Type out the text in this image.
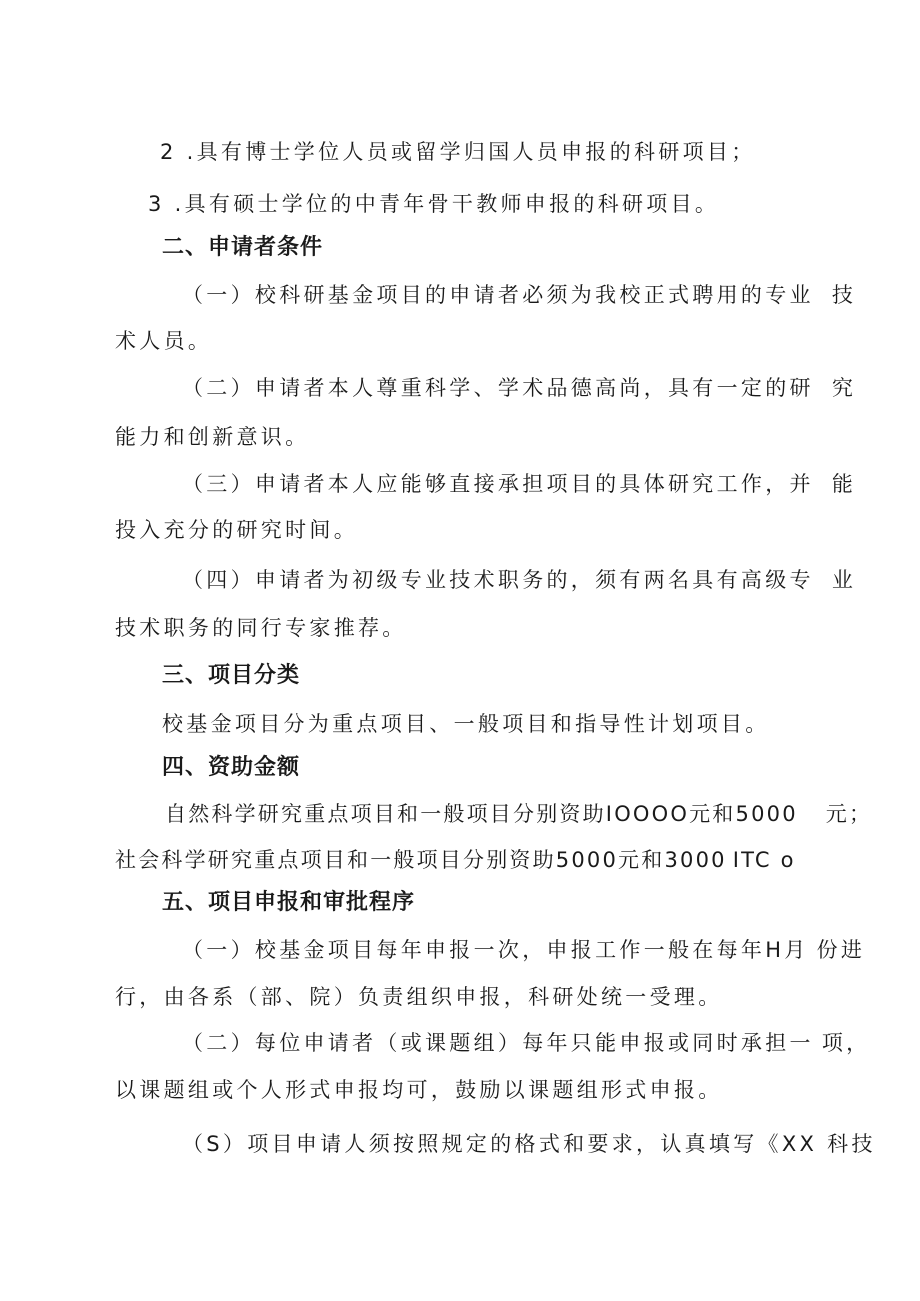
2 .具有博士学位人员或留学归国人员申报的科研项目；
3 .具有硕士学位的中青年骨干教师申报的科研项目。
二、申请者条件
（一）校科研基金项目的申请者必须为我校正式聘用的专业 技
术人员。
（二）申请者本人尊重科学、学术品德高尚，具有一定的研 究
能力和创新意识。
（三）申请者本人应能够直接承担项目的具体研究工作，并 能
投入充分的研究时间。
（四）申请者为初级专业技术职务的，须有两名具有高级专 业
技术职务的同行专家推荐。
三、项目分类
校基金项目分为重点项目、一般项目和指导性计划项目。
四、资助金额
自然科学研究重点项目和一般项目分别资助IOOOO元和5000 元；
社会科学研究重点项目和一般项目分别资助5000元和3000 ITC o
五、项目申报和审批程序
（一）校基金项目每年申报一次，申报工作一般在每年H月 份进
行，由各系（部、院）负责组织申报，科研处统一受理。
（二）每位申请者（或课题组）每年只能申报或同时承担一 项，
以课题组或个人形式申报均可，鼓励以课题组形式申报。
（S）项目申请人须按照规定的格式和要求，认真填写《XX 科技
